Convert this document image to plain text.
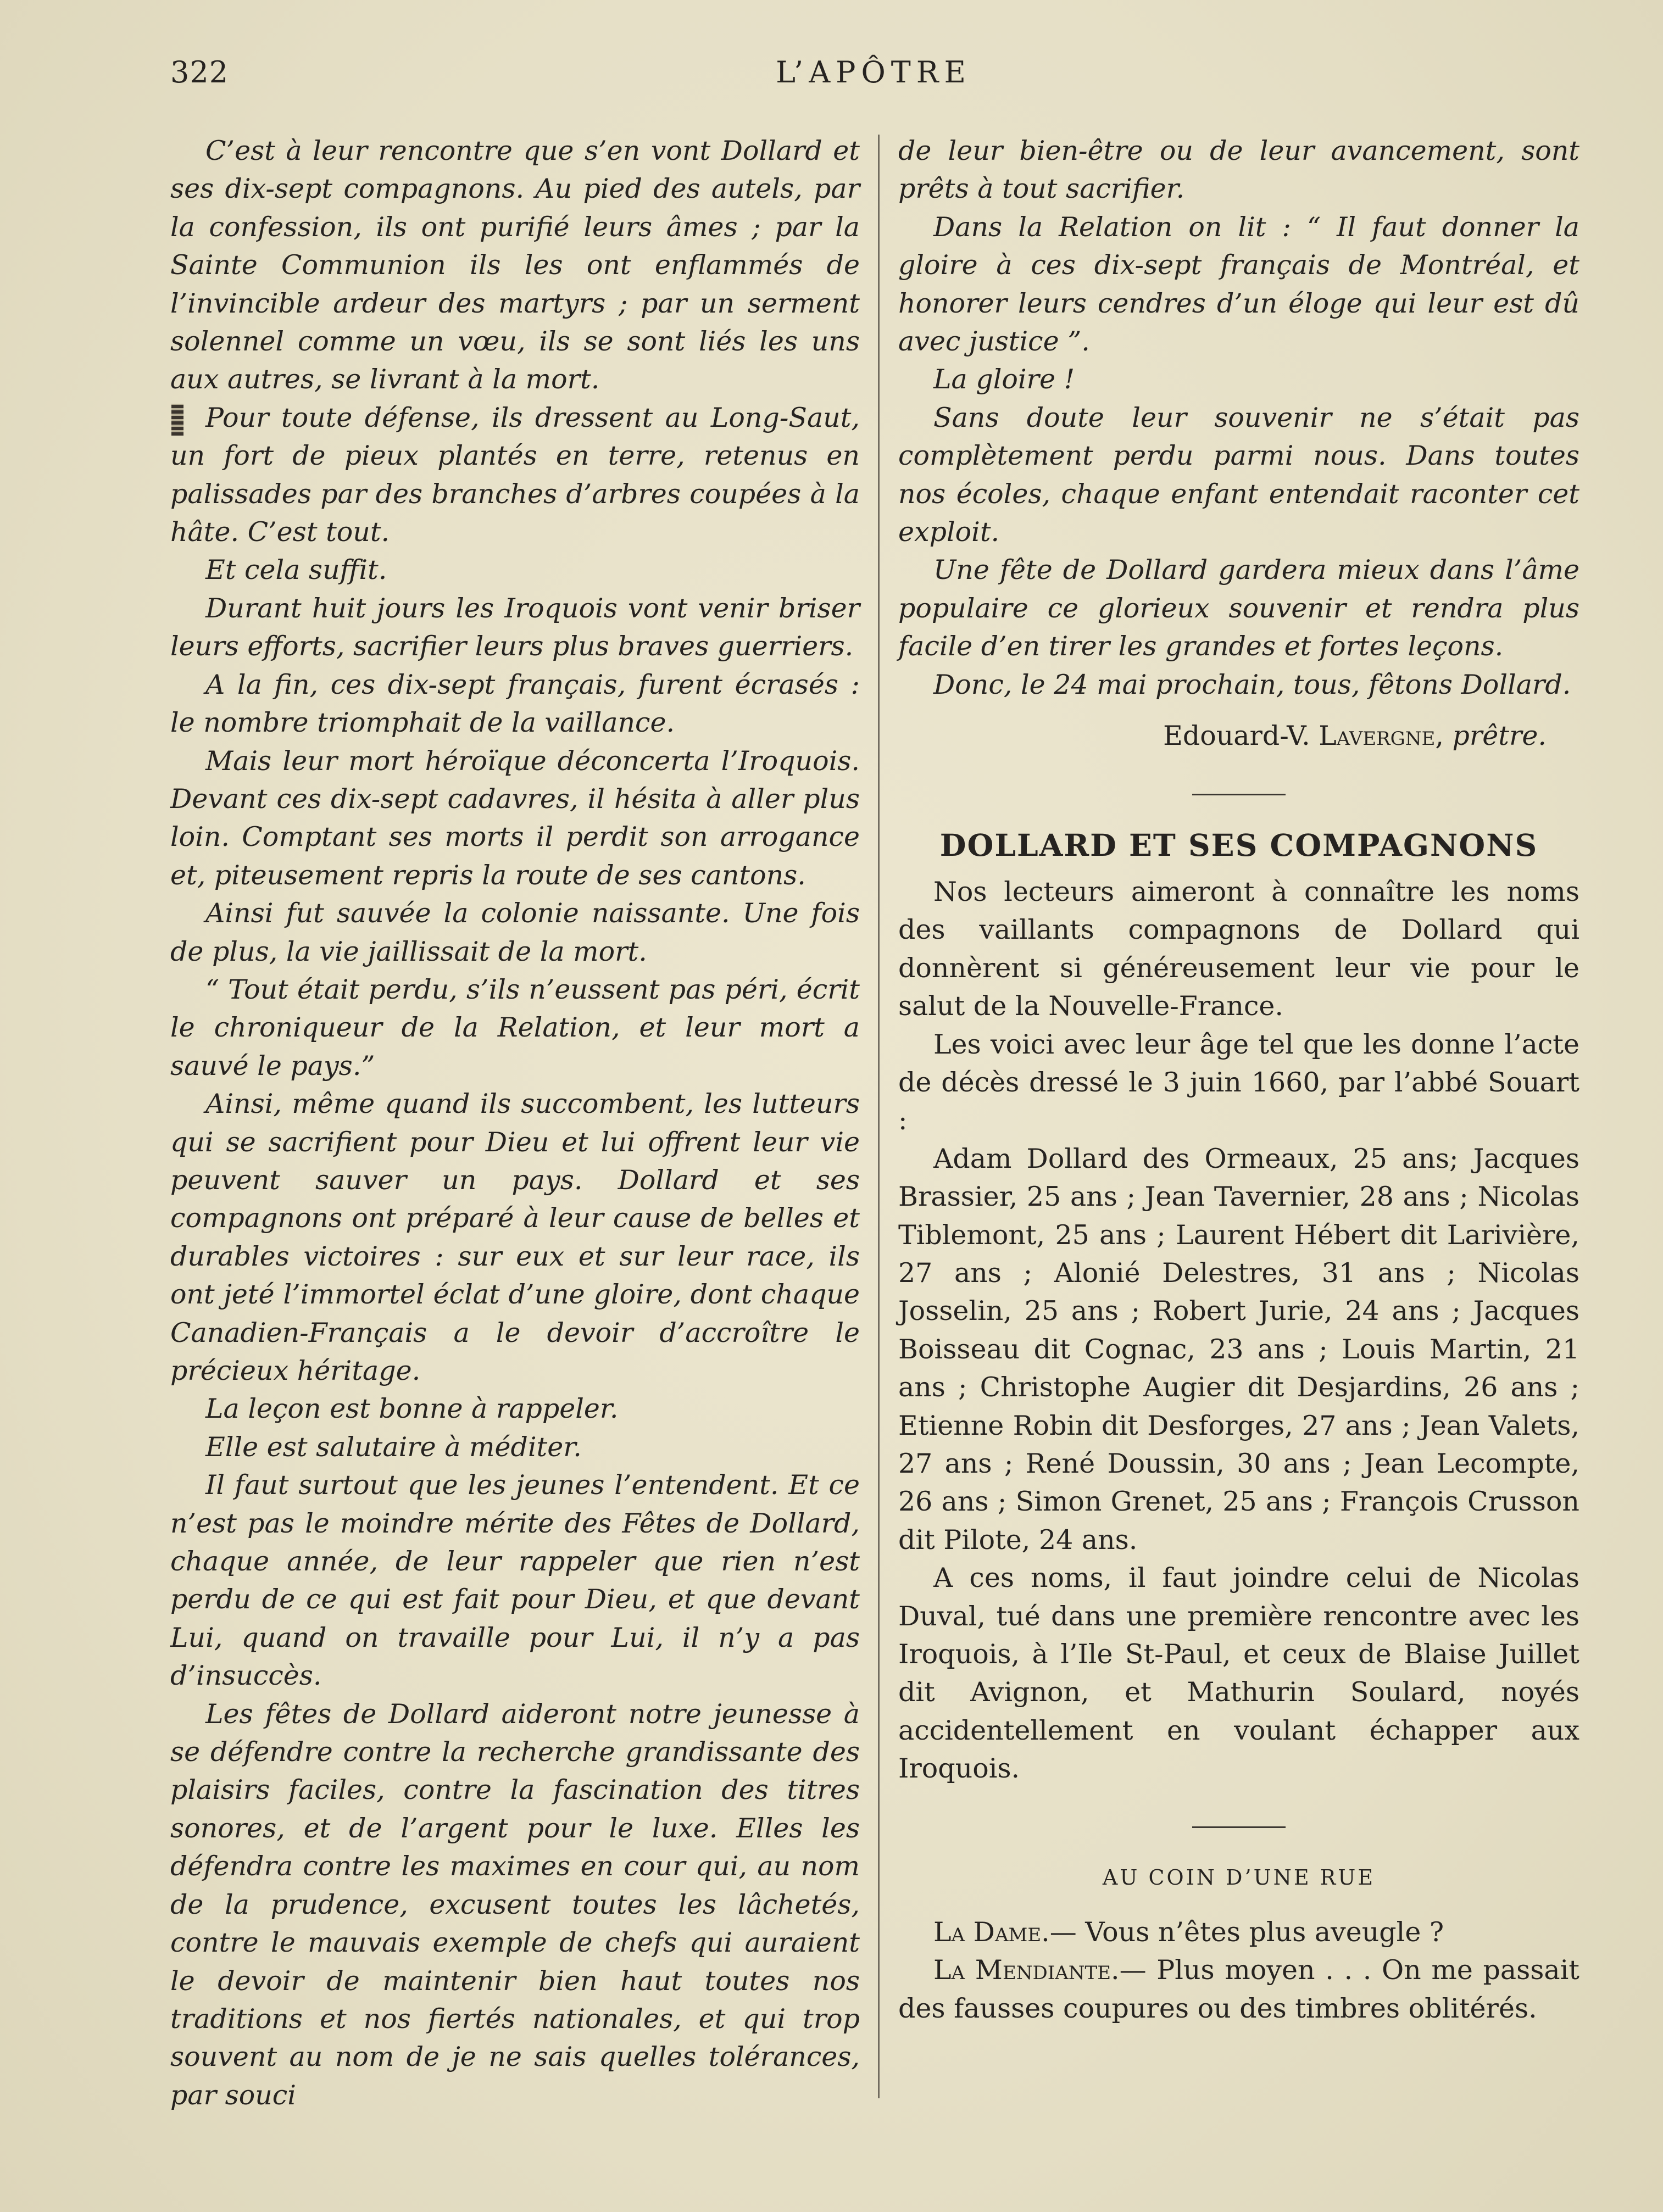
322	L’APÔTRE

C’est à leur rencontre que s’en vont Dollard et ses dix-sept compagnons. Au pied des autels, par la confession, ils ont purifié leurs âmes ; par la Sainte Communion ils les ont enflammés de l’invincible ardeur des martyrs ; par un serment solennel comme un vœu, ils se sont liés les uns aux autres, se livrant à la mort.

Pour toute défense, ils dressent au Long-Saut, un fort de pieux plantés en terre, retenus en palissades par des branches d’arbres coupées à la hâte. C’est tout.

Et cela suffit.

Durant huit jours les Iroquois vont venir briser leurs efforts, sacrifier leurs plus braves guerriers.

A la fin, ces dix-sept français, furent écrasés : le nombre triomphait de la vaillance.

Mais leur mort héroïque déconcerta l’Iroquois. Devant ces dix-sept cadavres, il hésita à aller plus loin. Comptant ses morts il perdit son arrogance et, piteusement repris la route de ses cantons.

Ainsi fut sauvée la colonie naissante. Une fois de plus, la vie jaillissait de la mort.

“ Tout était perdu, s’ils n’eussent pas péri, écrit le chroniqueur de la Relation, et leur mort a sauvé le pays.”

Ainsi, même quand ils succombent, les lutteurs qui se sacrifient pour Dieu et lui offrent leur vie peuvent sauver un pays. Dollard et ses compagnons ont préparé à leur cause de belles et durables victoires : sur eux et sur leur race, ils ont jeté l’immortel éclat d’une gloire, dont chaque Canadien-Français a le devoir d’accroître le précieux héritage.

La leçon est bonne à rappeler.

Elle est salutaire à méditer.

Il faut surtout que les jeunes l’entendent. Et ce n’est pas le moindre mérite des Fêtes de Dollard, chaque année, de leur rappeler que rien n’est perdu de ce qui est fait pour Dieu, et que devant Lui, quand on travaille pour Lui, il n’y a pas d’insuccès.

Les fêtes de Dollard aideront notre jeunesse à se défendre contre la recherche grandissante des plaisirs faciles, contre la fascination des titres sonores, et de l’argent pour le luxe. Elles les défendra contre les maximes en cour qui, au nom de la prudence, excusent toutes les lâchetés, contre le mauvais exemple de chefs qui auraient le devoir de maintenir bien haut toutes nos traditions et nos fiertés nationales, et qui trop souvent au nom de je ne sais quelles tolérances, par souci

de leur bien-être ou de leur avancement, sont prêts à tout sacrifier.

Dans la Relation on lit : “ Il faut donner la gloire à ces dix-sept français de Montréal, et honorer leurs cendres d’un éloge qui leur est dû avec justice ”.

La gloire !

Sans doute leur souvenir ne s’était pas complètement perdu parmi nous. Dans toutes nos écoles, chaque enfant entendait raconter cet exploit.

Une fête de Dollard gardera mieux dans l’âme populaire ce glorieux souvenir et rendra plus facile d’en tirer les grandes et fortes leçons.

Donc, le 24 mai prochain, tous, fêtons Dollard.

Edouard-V. Lavergne, prêtre.
DOLLARD ET SES COMPAGNONS

Nos lecteurs aimeront à connaître les noms des vaillants compagnons de Dollard qui donnèrent si généreusement leur vie pour le salut de la Nouvelle-France.

Les voici avec leur âge tel que les donne l’acte de décès dressé le 3 juin 1660, par l’abbé Souart :

Adam Dollard des Ormeaux, 25 ans; Jacques Brassier, 25 ans ; Jean Tavernier, 28 ans ; Nicolas Tiblemont, 25 ans ; Laurent Hébert dit Larivière, 27 ans ; Alonié Delestres, 31 ans ; Nicolas Josselin, 25 ans ; Robert Jurie, 24 ans ; Jacques Boisseau dit Cognac, 23 ans ; Louis Martin, 21 ans ; Christophe Augier dit Desjardins, 26 ans ; Etienne Robin dit Desforges, 27 ans ; Jean Valets, 27 ans ; René Doussin, 30 ans ; Jean Lecompte, 26 ans ; Simon Grenet, 25 ans ; François Crusson dit Pilote, 24 ans.

A ces noms, il faut joindre celui de Nicolas Duval, tué dans une première rencontre avec les Iroquois, à l’Ile St-Paul, et ceux de Blaise Juillet dit Avignon, et Mathurin Soulard, noyés accidentellement en voulant échapper aux Iroquois.

AU COIN D’UNE RUE

La Dame.— Vous n’êtes plus aveugle ?

La Mendiante.— Plus moyen . . . On me passait des fausses coupures ou des timbres oblitérés.
